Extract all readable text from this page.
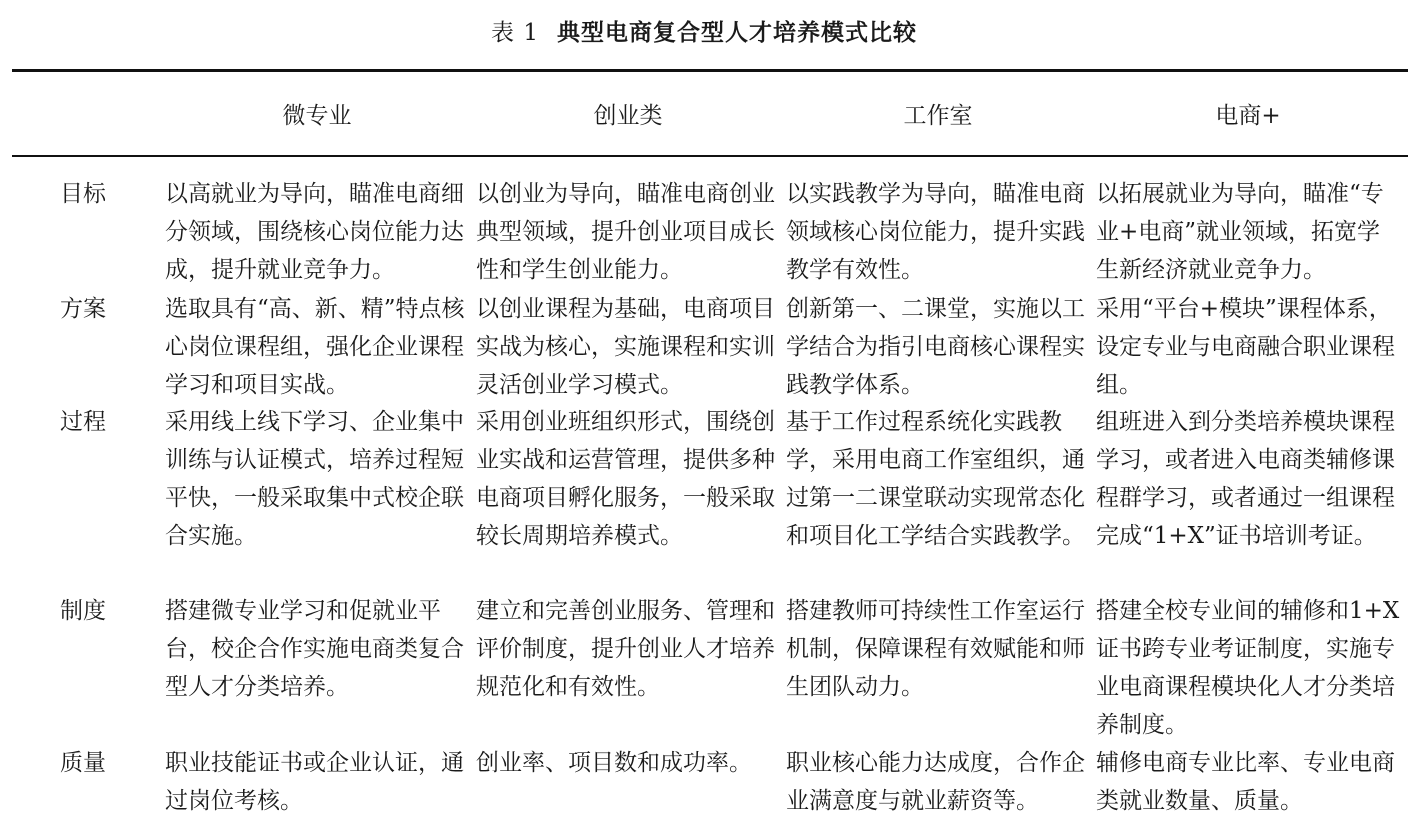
表 1 典型电商复合型人才培养模式比较
微专业	创业类	工作室	电商+
目标	以高就业为导向，瞄准电商细分领域，围绕核心岗位能力达成，提升就业竞争力。
以创业为导向，瞄准电商创业典型领域，提升创业项目成长性和学生创业能力。
以实践教学为导向，瞄准电商领域核心岗位能力，提升实践教学有效性。
以拓展就业为导向，瞄准“专业+电商”就业领域，拓宽学生新经济就业竞争力。
方案	选取具有“高、新、精”特点核心岗位课程组，强化企业课程学习和项目实战。
以创业课程为基础，电商项目实战为核心，实施课程和实训灵活创业学习模式。
创新第一、二课堂，实施以工学结合为指引电商核心课程实践教学体系。
采用“平台+模块”课程体系，设定专业与电商融合职业课程组。
过程	采用线上线下学习、企业集中训练与认证模式，培养过程短平快，一般采取集中式校企联合实施。
采用创业班组织形式，围绕创业实战和运营管理，提供多种电商项目孵化服务，一般采取较长周期培养模式。
基于工作过程系统化实践教学，采用电商工作室组织，通过第一二课堂联动实现常态化和项目化工学结合实践教学。
组班进入到分类培养模块课程学习，或者进入电商类辅修课程群学习，或者通过一组课程完成“1+X”证书培训考证。
制度	搭建微专业学习和促就业平台，校企合作实施电商类复合型人才分类培养。
建立和完善创业服务、管理和评价制度，提升创业人才培养规范化和有效性。
搭建教师可持续性工作室运行机制，保障课程有效赋能和师生团队动力。
搭建全校专业间的辅修和1+X证书跨专业考证制度，实施专业电商课程模块化人才分类培养制度。
质量	职业技能证书或企业认证，通过岗位考核。
创业率、项目数和成功率。	职业核心能力达成度，合作企业满意度与就业薪资等。
辅修电商专业比率、专业电商类就业数量、质量。
